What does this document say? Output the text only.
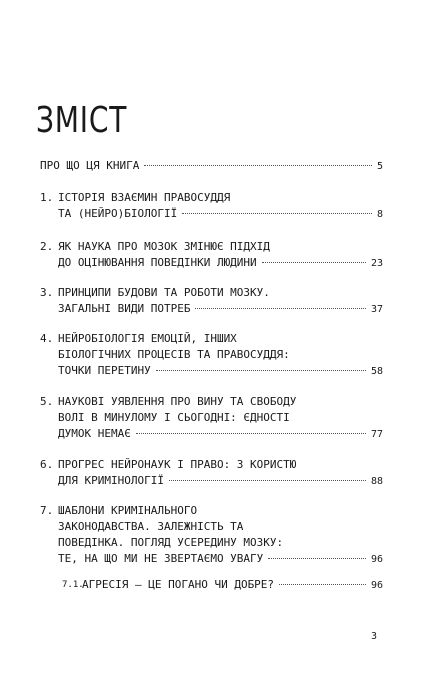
ЗМІСТ
ПРО ЩО ЦЯ КНИГА	5
1. ІСТОРІЯ ВЗАЄМИН ПРАВОСУДДЯ
ТА (НЕЙРО)БІОЛОГІЇ	8
2. ЯК НАУКА ПРО МОЗОК ЗМІНЮЄ ПІДХІД
ДО ОЦІНЮВАННЯ ПОВЕДІНКИ ЛЮДИНИ	23
3. ПРИНЦИПИ БУДОВИ ТА РОБОТИ МОЗКУ.
ЗАГАЛЬНІ ВИДИ ПОТРЕБ	37
4. НЕЙРОБІОЛОГІЯ ЕМОЦІЙ, ІНШИХ
БІОЛОГІЧНИХ ПРОЦЕСІВ ТА ПРАВОСУДДЯ:
ТОЧКИ ПЕРЕТИНУ	58
5. НАУКОВІ УЯВЛЕННЯ ПРО ВИНУ ТА СВОБОДУ
ВОЛІ В МИНУЛОМУ І СЬОГОДНІ: ЄДНОСТІ
ДУМОК НЕМАЄ	77
6. ПРОГРЕС НЕЙРОНАУК І ПРАВО: З КОРИСТЮ
ДЛЯ КРИМІНОЛОГІЇ	88
7. ШАБЛОНИ КРИМІНАЛЬНОГО
ЗАКОНОДАВСТВА. ЗАЛЕЖНІСТЬ ТА
ПОВЕДІНКА. ПОГЛЯД УСЕРЕДИНУ МОЗКУ:
ТЕ, НА ЩО МИ НЕ ЗВЕРТАЄМО УВАГУ	96
7.1.
АГРЕСІЯ — ЦЕ ПОГАНО ЧИ ДОБРЕ?	96
3
